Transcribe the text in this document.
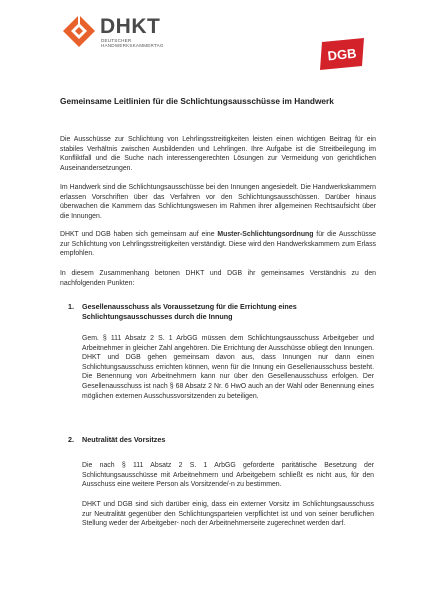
DHKT
DEUTSCHER
HANDWERKSKAMMERTAG	DGB
Gemeinsame Leitlinien für die Schlichtungsausschüsse im Handwerk

Die Ausschüsse zur Schlichtung von Lehrlingsstreitigkeiten leisten einen wichtigen Beitrag für ein stabiles Verhältnis zwischen Ausbildenden und Lehrlingen. Ihre Aufgabe ist die Streitbeilegung im Konfliktfall und die Suche nach interessengerechten Lösungen zur Vermeidung von gerichtlichen Auseinandersetzungen.

Im Handwerk sind die Schlichtungsausschüsse bei den Innungen angesiedelt. Die Handwerkskammern erlassen Vorschriften über das Verfahren vor den Schlichtungsausschüssen. Darüber hinaus überwachen die Kammern das Schlichtungswesen im Rahmen ihrer allgemeinen Rechtsaufsicht über die Innungen.

DHKT und DGB haben sich gemeinsam auf eine Muster-Schlichtungsordnung für die Ausschüsse zur Schlichtung von Lehrlingsstreitigkeiten verständigt. Diese wird den Handwerkskammern zum Erlass empfohlen.

In diesem Zusammenhang betonen DHKT und DGB ihr gemeinsames Verständnis zu den nachfolgenden Punkten:

1. Gesellenausschuss als Voraussetzung für die Errichtung eines Schlichtungsausschusses durch die Innung

Gem. § 111 Absatz 2 S. 1 ArbGG müssen dem Schlichtungsausschuss Arbeitgeber und Arbeitnehmer in gleicher Zahl angehören. Die Errichtung der Ausschüsse obliegt den Innungen. DHKT und DGB gehen gemeinsam davon aus, dass Innungen nur dann einen Schlichtungsausschuss errichten können, wenn für die Innung ein Gesellenausschuss besteht. Die Benennung von Arbeitnehmern kann nur über den Gesellenausschuss erfolgen. Der Gesellenausschuss ist nach § 68 Absatz 2 Nr. 6 HwO auch an der Wahl oder Benennung eines möglichen externen Ausschussvorsitzenden zu beteiligen.

2. Neutralität des Vorsitzes

Die nach § 111 Absatz 2 S. 1 ArbGG geforderte paritätische Besetzung der Schlichtungsausschüsse mit Arbeitnehmern und Arbeitgebern schließt es nicht aus, für den Ausschuss eine weitere Person als Vorsitzende/-n zu bestimmen.

DHKT und DGB sind sich darüber einig, dass ein externer Vorsitz im Schlichtungsausschuss zur Neutralität gegenüber den Schlichtungsparteien verpflichtet ist und von seiner beruflichen Stellung weder der Arbeitgeber- noch der Arbeitnehmerseite zugerechnet werden darf.
